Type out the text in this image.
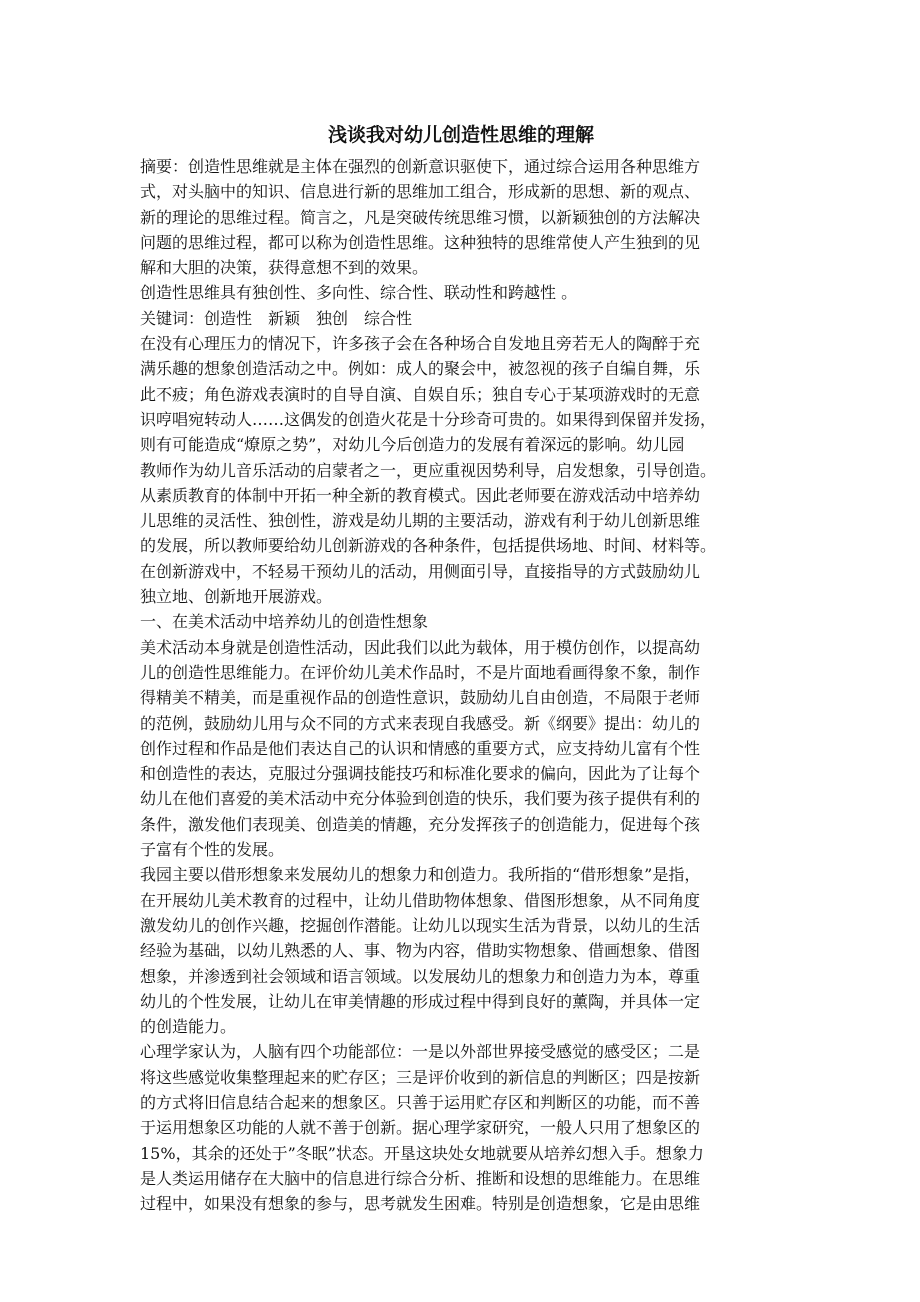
浅谈我对幼儿创造性思维的理解
摘要：创造性思维就是主体在强烈的创新意识驱使下，通过综合运用各种思维方
式，对头脑中的知识、信息进行新的思维加工组合，形成新的思想、新的观点、
新的理论的思维过程。简言之，凡是突破传统思维习惯，以新颖独创的方法解决
问题的思维过程，都可以称为创造性思维。这种独特的思维常使人产生独到的见
解和大胆的决策，获得意想不到的效果。
创造性思维具有独创性、多向性、综合性、联动性和跨越性 。
关键词：创造性　新颖　独创　综合性
在没有心理压力的情况下，许多孩子会在各种场合自发地且旁若无人的陶醉于充
满乐趣的想象创造活动之中。例如：成人的聚会中，被忽视的孩子自编自舞，乐
此不疲；角色游戏表演时的自导自演、自娱自乐；独自专心于某项游戏时的无意
识哼唱宛转动人……这偶发的创造火花是十分珍奇可贵的。如果得到保留并发扬，
则有可能造成“燎原之势”，对幼儿今后创造力的发展有着深远的影响。幼儿园
教师作为幼儿音乐活动的启蒙者之一，更应重视因势利导，启发想象，引导创造。
从素质教育的体制中开拓一种全新的教育模式。因此老师要在游戏活动中培养幼
儿思维的灵活性、独创性，游戏是幼儿期的主要活动，游戏有利于幼儿创新思维
的发展，所以教师要给幼儿创新游戏的各种条件，包括提供场地、时间、材料等。
在创新游戏中，不轻易干预幼儿的活动，用侧面引导，直接指导的方式鼓励幼儿
独立地、创新地开展游戏。
一、在美术活动中培养幼儿的创造性想象
美术活动本身就是创造性活动，因此我们以此为载体，用于模仿创作，以提高幼
儿的创造性思维能力。在评价幼儿美术作品时，不是片面地看画得象不象，制作
得精美不精美，而是重视作品的创造性意识，鼓励幼儿自由创造，不局限于老师
的范例，鼓励幼儿用与众不同的方式来表现自我感受。新《纲要》提出：幼儿的
创作过程和作品是他们表达自己的认识和情感的重要方式，应支持幼儿富有个性
和创造性的表达，克服过分强调技能技巧和标准化要求的偏向，因此为了让每个
幼儿在他们喜爱的美术活动中充分体验到创造的快乐，我们要为孩子提供有利的
条件，激发他们表现美、创造美的情趣，充分发挥孩子的创造能力，促进每个孩
子富有个性的发展。
我园主要以借形想象来发展幼儿的想象力和创造力。我所指的“借形想象”是指，
在开展幼儿美术教育的过程中，让幼儿借助物体想象、借图形想象，从不同角度
激发幼儿的创作兴趣，挖掘创作潜能。让幼儿以现实生活为背景，以幼儿的生活
经验为基础，以幼儿熟悉的人、事、物为内容，借助实物想象、借画想象、借图
想象，并渗透到社会领域和语言领域。以发展幼儿的想象力和创造力为本，尊重
幼儿的个性发展，让幼儿在审美情趣的形成过程中得到良好的薰陶，并具体一定
的创造能力。
心理学家认为，人脑有四个功能部位：一是以外部世界接受感觉的感受区；二是
将这些感觉收集整理起来的贮存区；三是评价收到的新信息的判断区；四是按新
的方式将旧信息结合起来的想象区。只善于运用贮存区和判断区的功能，而不善
于运用想象区功能的人就不善于创新。据心理学家研究，一般人只用了想象区的
15%，其余的还处于”冬眠”状态。开垦这块处女地就要从培养幻想入手。想象力
是人类运用储存在大脑中的信息进行综合分析、推断和设想的思维能力。在思维
过程中，如果没有想象的参与，思考就发生困难。特别是创造想象，它是由思维
